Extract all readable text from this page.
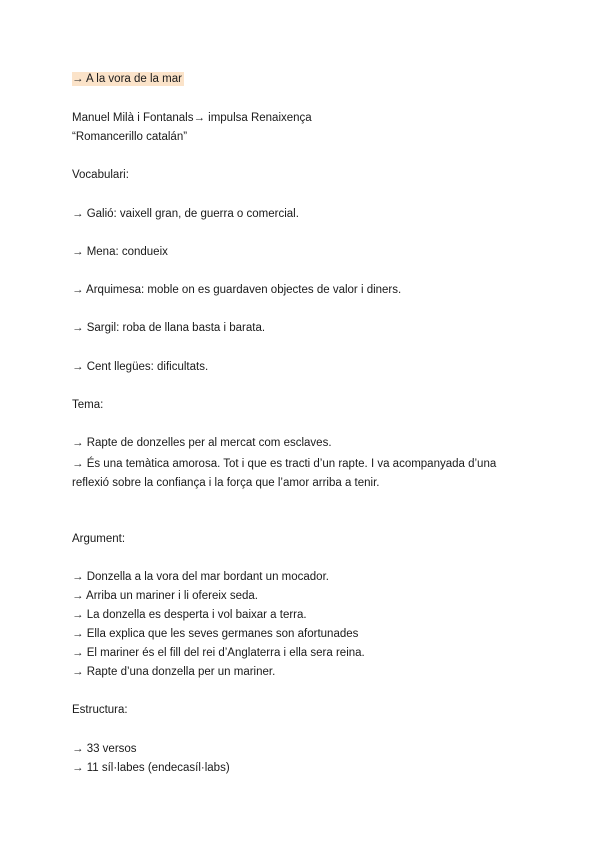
→ A la vora de la mar
Manuel Milà i Fontanals→ impulsa Renaixença
“Romancerillo catalán”
Vocabulari:
→ Galió: vaixell gran, de guerra o comercial.
→ Mena: condueix
→ Arquimesa: moble on es guardaven objectes de valor i diners.
→ Sargil: roba de llana basta i barata.
→ Cent llegües: dificultats.
Tema:
→ Rapte de donzelles per al mercat com esclaves.
→ És una temàtica amorosa. Tot i que es tracti d’un rapte. I va acompanyada d’una reflexió sobre la confiança i la força que l’amor arriba a tenir.
Argument:
→ Donzella a la vora del mar bordant un mocador.
→ Arriba un mariner i li ofereix seda.
→ La donzella es desperta i vol baixar a terra.
→ Ella explica que les seves germanes son afortunades
→ El mariner és el fill del rei d’Anglaterra i ella sera reina.
→ Rapte d’una donzella per un mariner.
Estructura:
→ 33 versos
→ 11 síl·labes (endecasíl·labs)
